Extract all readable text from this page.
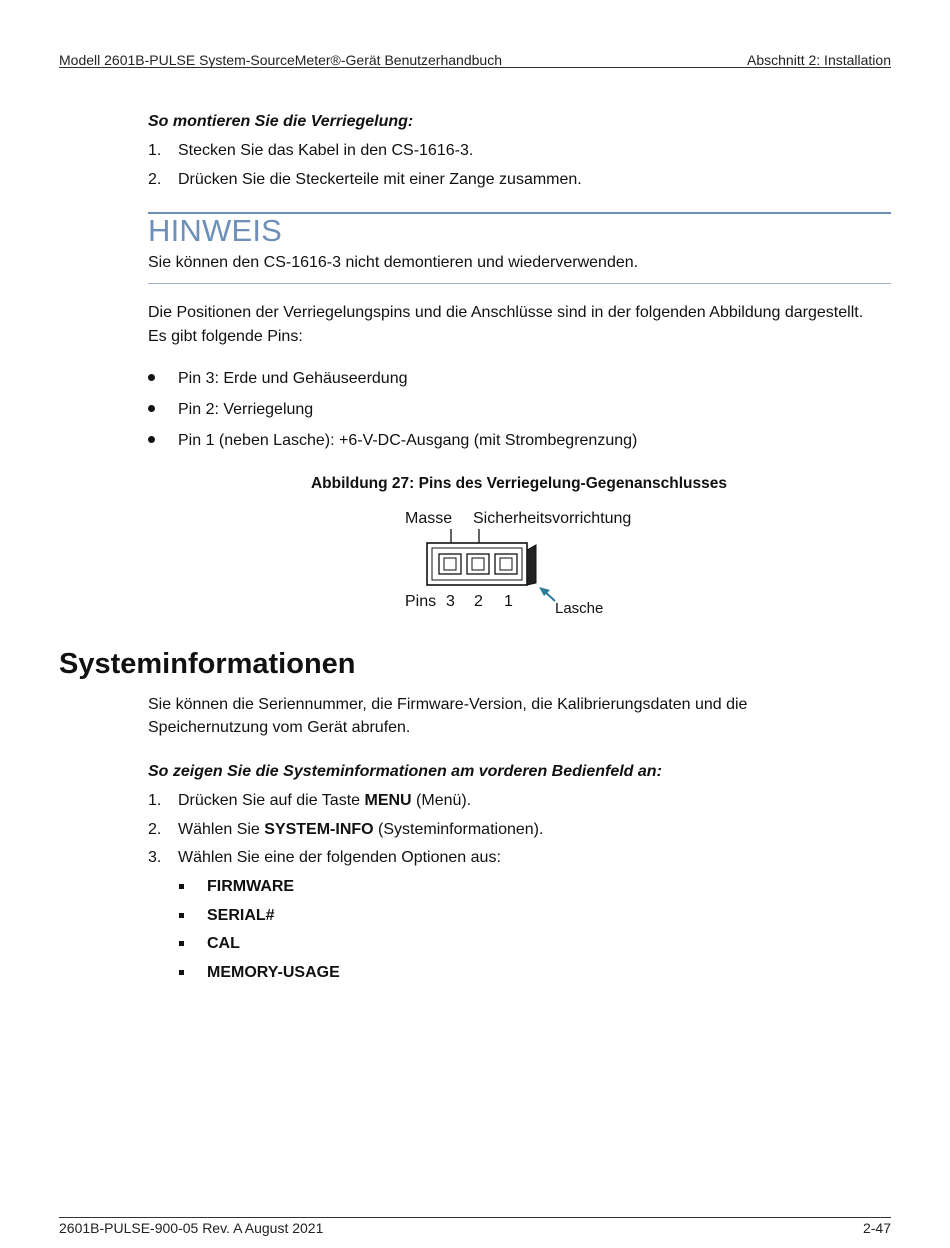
Modell 2601B-PULSE System-SourceMeter®-Gerät Benutzerhandbuch	Abschnitt 2: Installation
So montieren Sie die Verriegelung:
1. Stecken Sie das Kabel in den CS-1616-3.
2. Drücken Sie die Steckerteile mit einer Zange zusammen.
HINWEIS
Sie können den CS-1616-3 nicht demontieren und wiederverwenden.
Die Positionen der Verriegelungspins und die Anschlüsse sind in der folgenden Abbildung dargestellt.
Es gibt folgende Pins:
Pin 3: Erde und Gehäuseerdung
Pin 2: Verriegelung
Pin 1 (neben Lasche): +6-V-DC-Ausgang (mit Strombegrenzung)
Abbildung 27: Pins des Verriegelung-Gegenanschlusses
Masse Sicherheitsvorrichtung
Pins 3 2 1	Lasche
Systeminformationen
Sie können die Seriennummer, die Firmware-Version, die Kalibrierungsdaten und die
Speichernutzung vom Gerät abrufen.
So zeigen Sie die Systeminformationen am vorderen Bedienfeld an:
1. Drücken Sie auf die Taste MENU (Menü).
2. Wählen Sie SYSTEM-INFO (Systeminformationen).
3. Wählen Sie eine der folgenden Optionen aus:
FIRMWARE
SERIAL#
CAL
MEMORY-USAGE
2601B-PULSE-900-05 Rev. A August 2021	2-47
